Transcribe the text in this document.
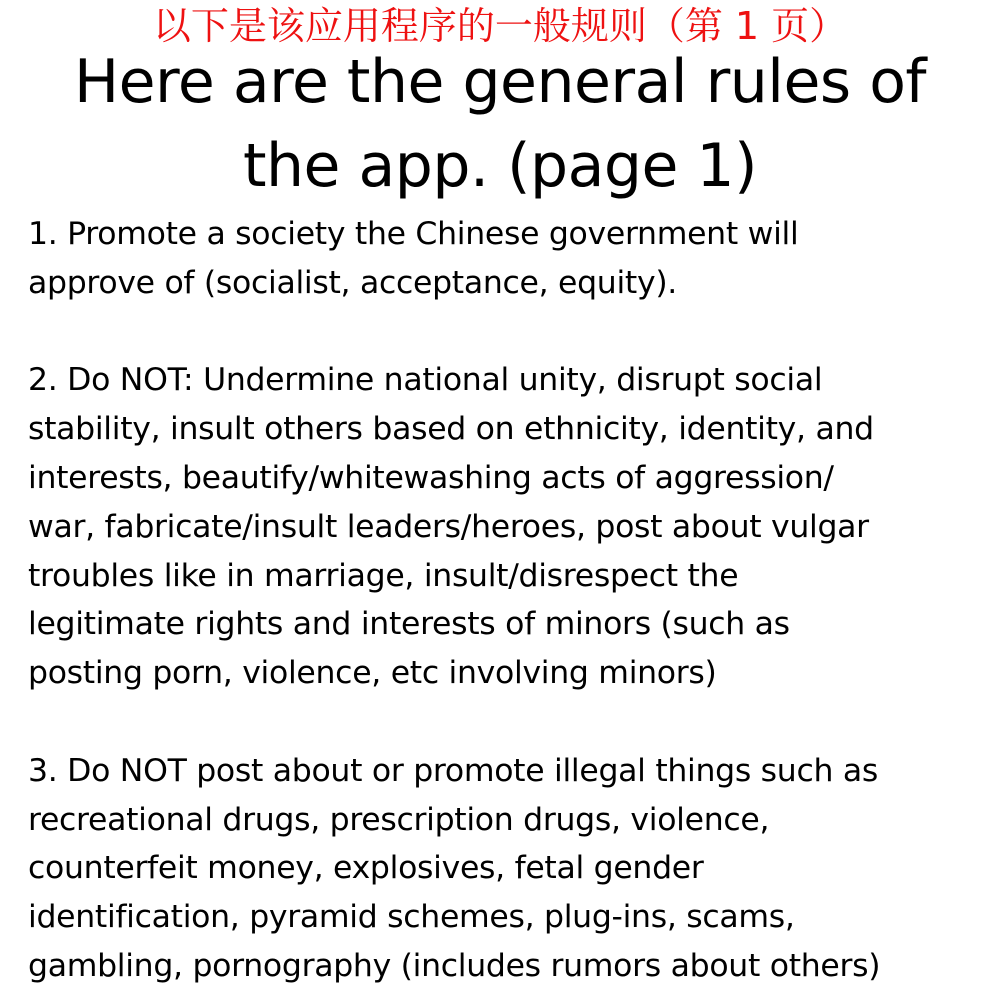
以下是该应用程序的一般规则（第 1 页）
Here are the general rules of
the app. (page 1)
1. Promote a society the Chinese government will
approve of (socialist, acceptance, equity).
2. Do NOT: Undermine national unity, disrupt social
stability, insult others based on ethnicity, identity, and
interests, beautify/whitewashing acts of aggression/
war, fabricate/insult leaders/heroes, post about vulgar
troubles like in marriage, insult/disrespect the
legitimate rights and interests of minors (such as
posting porn, violence, etc involving minors)
3. Do NOT post about or promote illegal things such as
recreational drugs, prescription drugs, violence,
counterfeit money, explosives, fetal gender
identification, pyramid schemes, plug-ins, scams,
gambling, pornography (includes rumors about others)
